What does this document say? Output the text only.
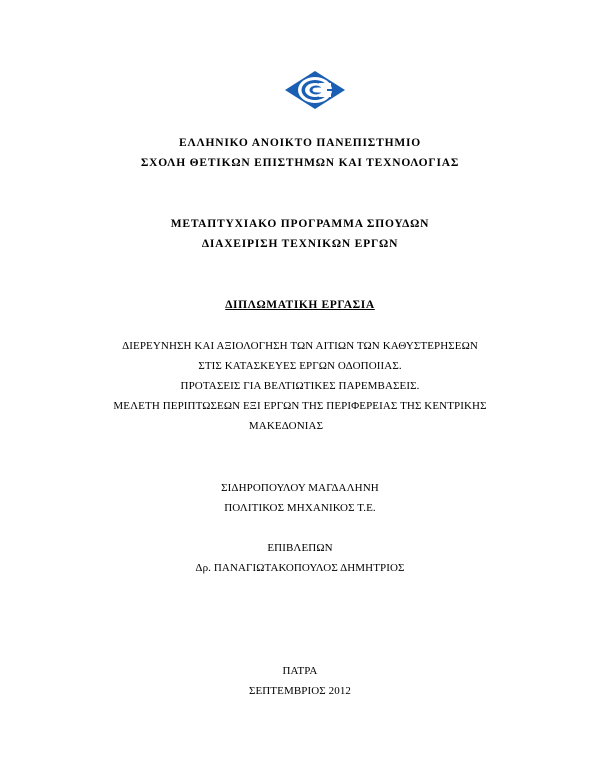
ΕΛΛΗΝΙΚΟ ΑΝΟΙΚΤΟ ΠΑΝΕΠΙΣΤΗΜΙΟ
ΣΧΟΛΗ ΘΕΤΙΚΩΝ ΕΠΙΣΤΗΜΩΝ ΚΑΙ ΤΕΧΝΟΛΟΓΙΑΣ
ΜΕΤΑΠΤΥΧΙΑΚΟ ΠΡΟΓΡΑΜΜΑ ΣΠΟΥΔΩΝ
ΔΙΑΧΕΙΡΙΣΗ ΤΕΧΝΙΚΩΝ ΕΡΓΩΝ
ΔΙΠΛΩΜΑΤΙΚΗ ΕΡΓΑΣΙΑ
ΔΙΕΡΕΥΝΗΣΗ ΚΑΙ ΑΞΙΟΛΟΓΗΣΗ ΤΩΝ ΑΙΤΙΩΝ ΤΩΝ ΚΑΘΥΣΤΕΡΗΣΕΩΝ
ΣΤΙΣ ΚΑΤΑΣΚΕΥΕΣ ΕΡΓΩΝ ΟΔΟΠΟΙΙΑΣ.
ΠΡΟΤΑΣΕΙΣ ΓΙΑ ΒΕΛΤΙΩΤΙΚΕΣ ΠΑΡΕΜΒΑΣΕΙΣ.
ΜΕΛΕΤΗ ΠΕΡΙΠΤΩΣΕΩΝ ΕΞΙ ΕΡΓΩΝ ΤΗΣ ΠΕΡΙΦΕΡΕΙΑΣ ΤΗΣ ΚΕΝΤΡΙΚΗΣ
ΜΑΚΕΔΟΝΙΑΣ
ΣΙΔΗΡΟΠΟΥΛΟΥ ΜΑΓΔΑΛΗΝΗ
ΠΟΛΙΤΙΚΟΣ ΜΗΧΑΝΙΚΟΣ Τ.Ε.
ΕΠΙΒΛΕΠΩΝ
Δρ. ΠΑΝΑΓΙΩΤΑΚΟΠΟΥΛΟΣ ΔΗΜΗΤΡΙΟΣ
ΠΑΤΡΑ
ΣΕΠΤΕΜΒΡΙΟΣ 2012
